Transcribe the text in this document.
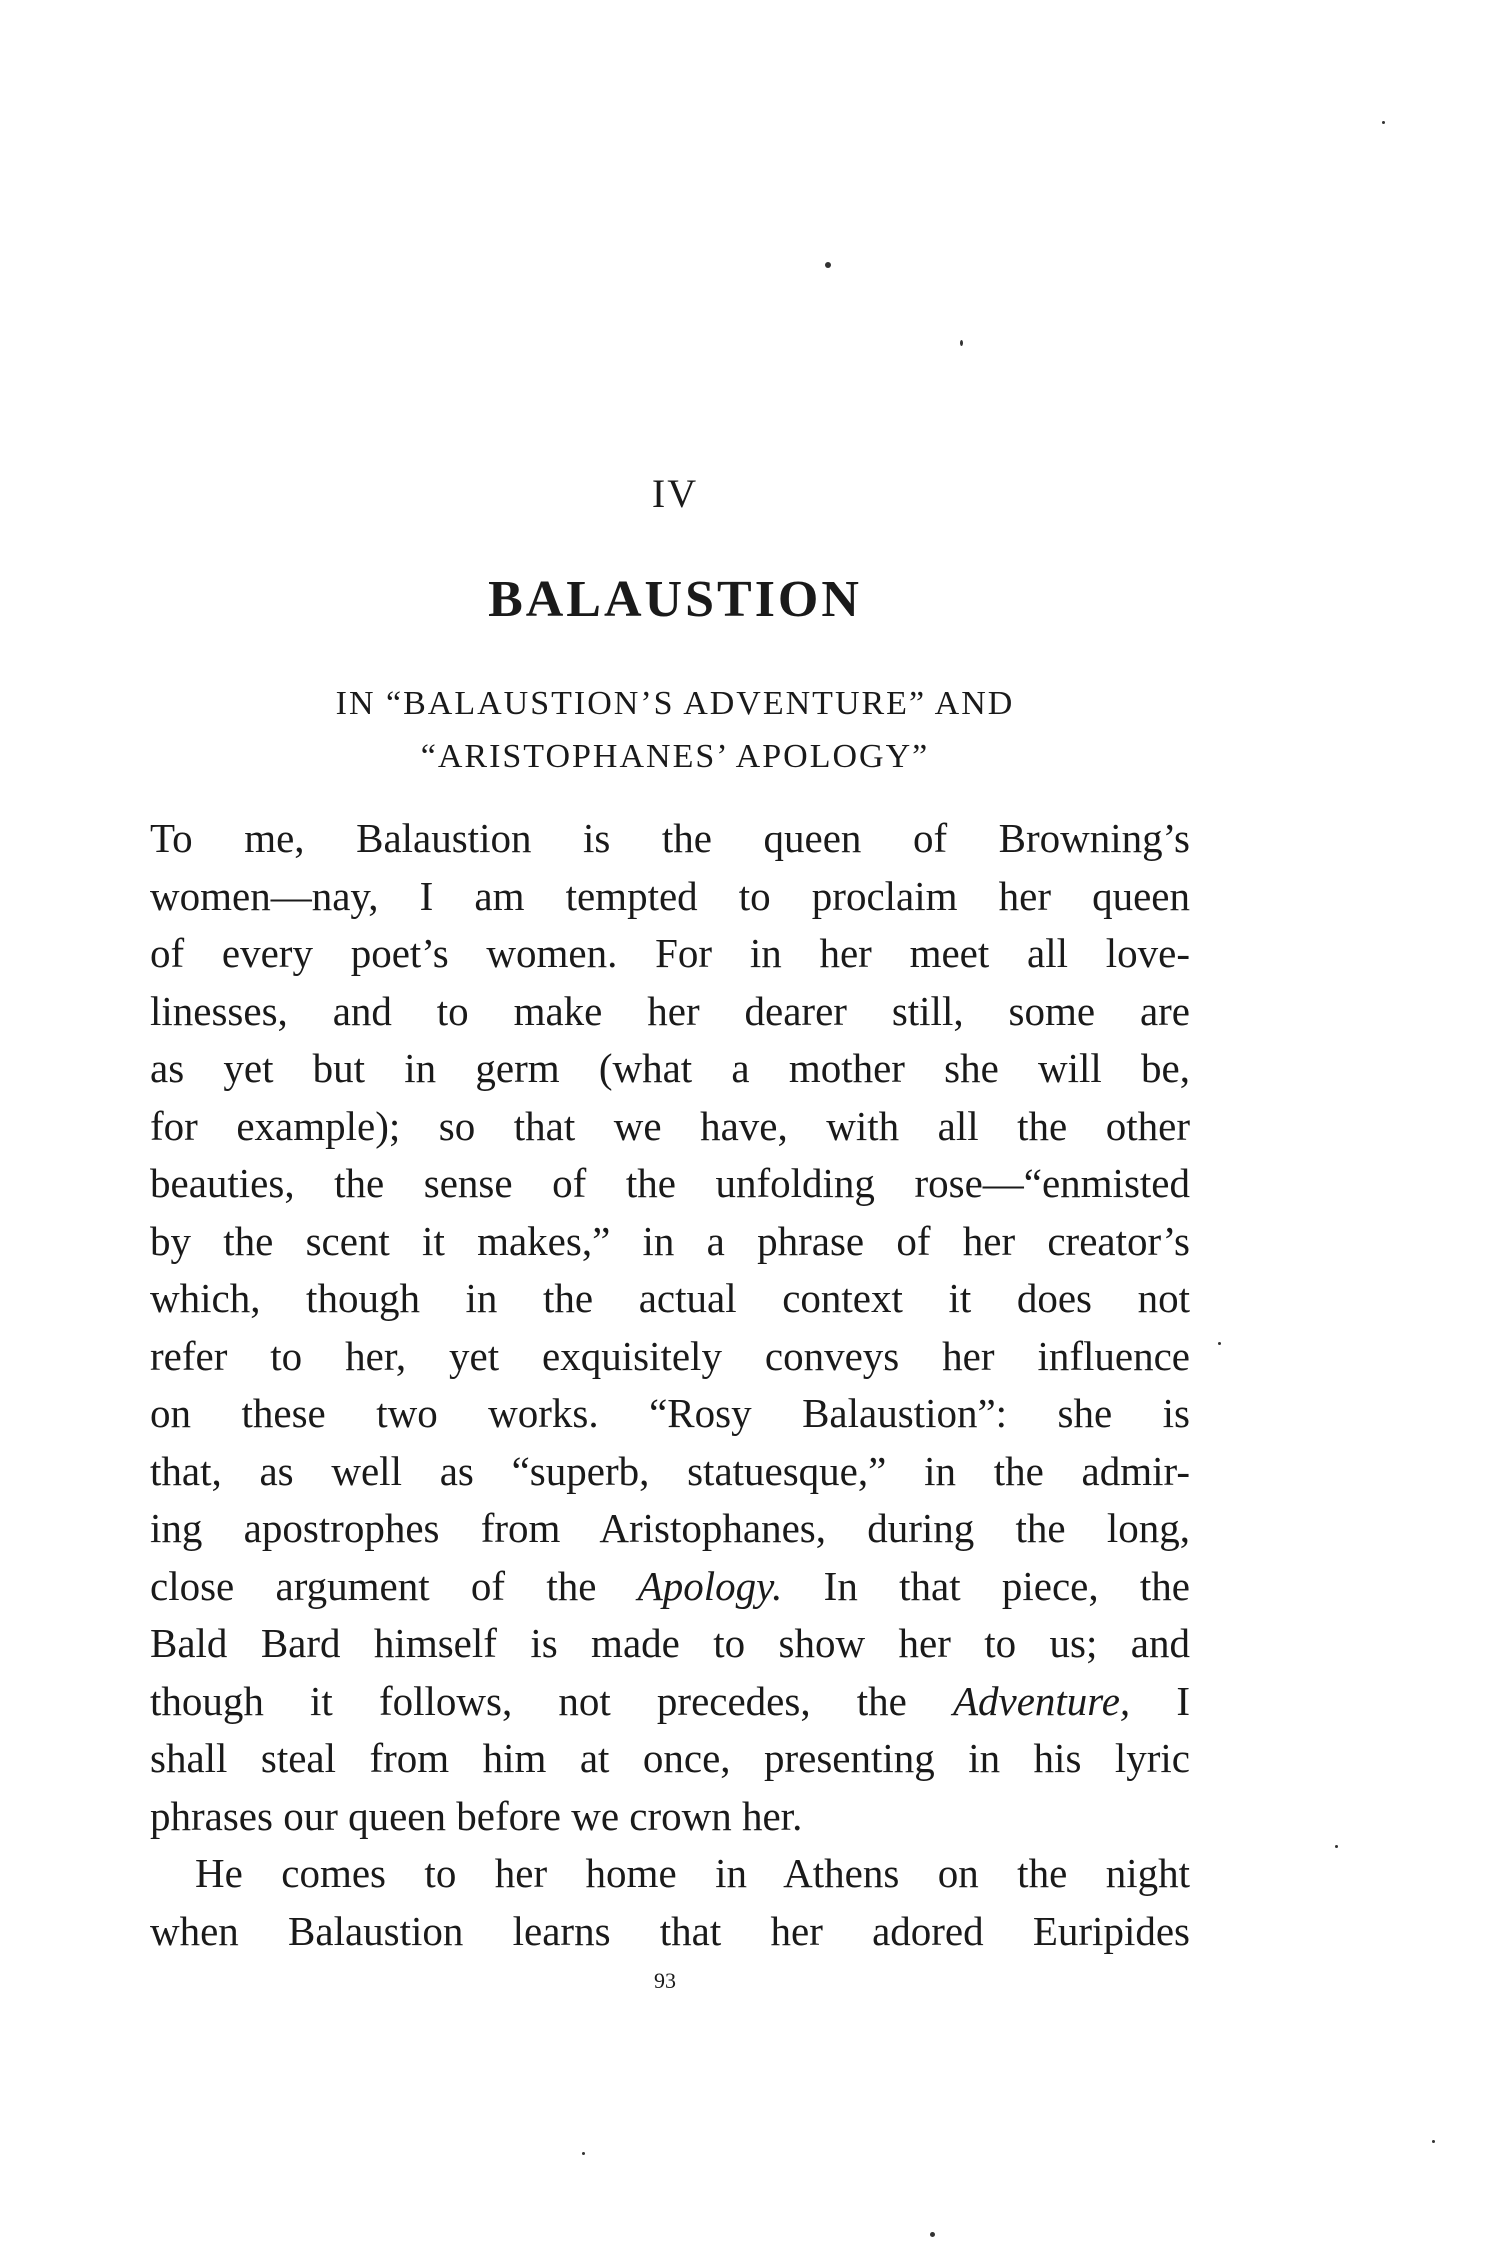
IV
BALAUSTION
IN “BALAUSTION’S ADVENTURE” AND
“ARISTOPHANES’ APOLOGY”
To me, Balaustion is the queen of Browning’s
women—nay, I am tempted to proclaim her queen
of every poet’s women. For in her meet all love-
linesses, and to make her dearer still, some are
as yet but in germ (what a mother she will be,
for example); so that we have, with all the other
beauties, the sense of the unfolding rose—“enmisted
by the scent it makes,” in a phrase of her creator’s
which, though in the actual context it does not
refer to her, yet exquisitely conveys her influence
on these two works. “Rosy Balaustion”: she is
that, as well as “superb, statuesque,” in the admir-
ing apostrophes from Aristophanes, during the long,
close argument of the Apology. In that piece, the
Bald Bard himself is made to show her to us; and
though it follows, not precedes, the Adventure, I
shall steal from him at once, presenting in his lyric
phrases our queen before we crown her.
He comes to her home in Athens on the night
when Balaustion learns that her adored Euripides
93
